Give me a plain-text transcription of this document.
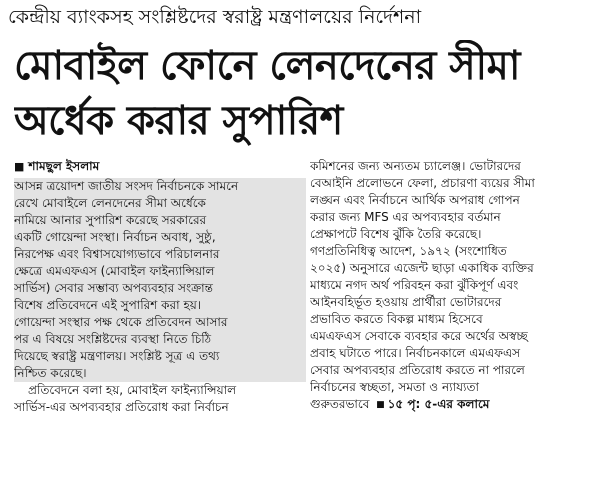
কেন্দ্রীয় ব্যাংকসহ সংশ্লিষ্টদের স্বরাষ্ট্র মন্ত্রণালয়ের নির্দেশনা
মোবাইল ফোনে লেনদেনের সীমা
অর্ধেক করার সুপারিশ
■ শামছুল ইসলাম
আসন্ন ত্রয়োদশ জাতীয় সংসদ নির্বাচনকে সামনে
রেখে মোবাইলে লেনদেনের সীমা অর্ধেকে
নামিয়ে আনার সুপারিশ করেছে সরকারের
একটি গোয়েন্দা সংস্থা। নির্বাচন অবাধ, সুষ্ঠু,
নিরপেক্ষ এবং বিশ্বাসযোগ্যভাবে পরিচালনার
ক্ষেত্রে এমএফএস (মোবাইল ফাইন্যান্সিয়াল
সার্ভিস) সেবার সম্ভাব্য অপব্যবহার সংক্রান্ত
বিশেষ প্রতিবেদনে এই সুপারিশ করা হয়।
গোয়েন্দা সংস্থার পক্ষ থেকে প্রতিবেদন আসার
পর এ বিষয়ে সংশ্লিষ্টদের ব্যবস্থা নিতে চিঠি
দিয়েছে স্বরাষ্ট্র মন্ত্রণালয়। সংশ্লিষ্ট সূত্র এ তথ্য
নিশ্চিত করেছে।
প্রতিবেদনে বলা হয়, মোবাইল ফাইন্যান্সিয়াল
সার্ভিস-এর অপব্যবহার প্রতিরোধ করা নির্বাচন
কমিশনের জন্য অন্যতম চ্যালেঞ্জ। ভোটারদের
বেআইনি প্রলোভনে ফেলা, প্রচারণা ব্যয়ের সীমা
লঙ্ঘন এবং নির্বাচনে আর্থিক অপরাধ গোপন
করার জন্য MFS এর অপব্যবহার বর্তমান
প্রেক্ষাপটে বিশেষ ঝুঁকি তৈরি করেছে।
গণপ্রতিনিধিত্ব আদেশ, ১৯৭২ (সংশোধিত
২০২৫) অনুসারে এজেন্ট ছাড়া একাধিক ব্যক্তির
মাধ্যমে নগদ অর্থ পরিবহন করা ঝুঁকিপূর্ণ এবং
আইনবহির্ভূত হওয়ায় প্রার্থীরা ভোটারদের
প্রভাবিত করতে বিকল্প মাধ্যম হিসেবে
এমএফএস সেবাকে ব্যবহার করে অর্থের অস্বচ্ছ
প্রবাহ ঘটাতে পারে। নির্বাচনকালে এমএফএস
সেবার অপব্যবহার প্রতিরোধ করতে না পারলে
নির্বাচনের স্বচ্ছতা, সমতা ও ন্যায্যতা
গুরুতরভাবে  ■ ১৫ পৃ: ৫-এর কলামে
